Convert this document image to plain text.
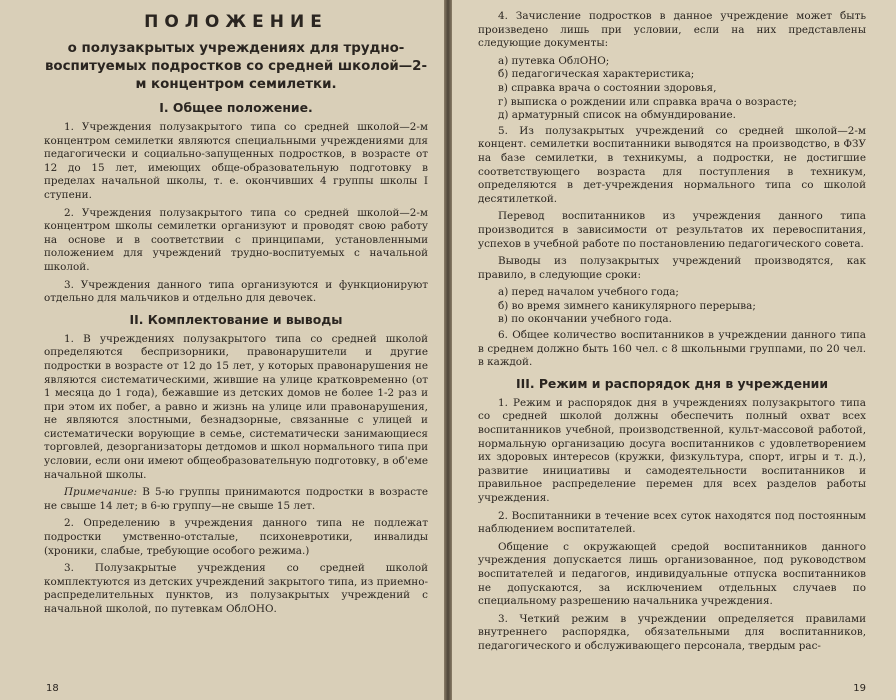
ПОЛОЖЕНИЕ
о полузакрытых учреждениях для трудно-воспитуемых подростков со средней школой—2-м концентром семилетки.
I. Общее положение.

1. Учреждения полузакрытого типа со средней школой—2-м концентром семилетки являются специальными учреждениями для педагогически и социально-запущенных подростков, в возрасте от 12 до 15 лет, имеющих обще-образовательную подготовку в пределах начальной школы, т. е. окончивших 4 группы школы I ступени.

2. Учреждения полузакрытого типа со средней школой—2-м концентром школы семилетки организуют и проводят свою работу на основе и в соответствии с принципами, установленными положением для учреждений трудно-воспитуемых с начальной школой.

3. Учреждения данного типа организуются и функционируют отдельно для мальчиков и отдельно для девочек.

II. Комплектование и выводы

1. В учреждениях полузакрытого типа со средней школой определяются беспризорники, правонарушители и другие подростки в возрасте от 12 до 15 лет, у которых правонарушения не являются систематическими, жившие на улице кратковременно (от 1 месяца до 1 года), бежавшие из детских домов не более 1-2 раз и при этом их побег, а равно и жизнь на улице или правонарушения, не являются злостными, безнадзорные, связанные с улицей и систематически ворующие в семье, систематически занимающиеся торговлей, дезорганизаторы детдомов и школ нормального типа при условии, если они имеют общеобразовательную подготовку, в об'еме начальной школы.

Примечание: В 5-ю группы принимаются подростки в возрасте не свыше 14 лет; в 6-ю группу—не свыше 15 лет.

2. Определению в учреждения данного типа не подлежат подростки умственно-отсталые, психоневротики, инвалиды (хроники, слабые, требующие особого режима.)

3. Полузакрытые учреждения со средней школой комплектуются из детских учреждений закрытого типа, из приемно-распределительных пунктов, из полузакрытых учреждений с начальной школой, по путевкам ОблОНО.

18

4. Зачисление подростков в данное учреждение может быть произведено лишь при условии, если на них представлены следующие документы:

а) путевка ОблОНО;
б) педагогическая характеристика;
в) справка врача о состоянии здоровья,
г) выписка о рождении или справка врача о возрасте;
д) арматурный список на обмундирование.

5. Из полузакрытых учреждений со средней школой—2-м концент. семилетки воспитанники выводятся на производство, в ФЗУ на базе семилетки, в техникумы, а подростки, не достигшие соответствующего возраста для поступления в техникум, определяются в дет-учреждения нормального типа со школой десятилеткой.

Перевод воспитанников из учреждения данного типа производится в зависимости от результатов их перевоспитания, успехов в учебной работе по постановлению педагогического совета.

Выводы из полузакрытых учреждений производятся, как правило, в следующие сроки:

а) перед началом учебного года;
б) во время зимнего каникулярного перерыва;
в) по окончании учебного года.

6. Общее количество воспитанников в учреждении данного типа в среднем должно быть 160 чел. с 8 школьными группами, по 20 чел. в каждой.

III. Режим и распорядок дня в учреждении

1. Режим и распорядок дня в учреждениях полузакрытого типа со средней школой должны обеспечить полный охват всех воспитанников учебной, производственной, культ-массовой работой, нормальную организацию досуга воспитанников с удовлетворением их здоровых интересов (кружки, физкультура, спорт, игры и т. д.), развитие инициативы и самодеятельности воспитанников и правильное распределение перемен для всех разделов работы учреждения.

2. Воспитанники в течение всех суток находятся под постоянным наблюдением воспитателей.

Общение с окружающей средой воспитанников данного учреждения допускается лишь организованное, под руководством воспитателей и педагогов, индивидуальные отпуска воспитанников не допускаются, за исключением отдельных случаев по специальному разрешению начальника учреждения.

3. Четкий режим в учреждении определяется правилами внутреннего распорядка, обязательными для воспитанников, педагогического и обслуживающего персонала, твердым рас-

19
